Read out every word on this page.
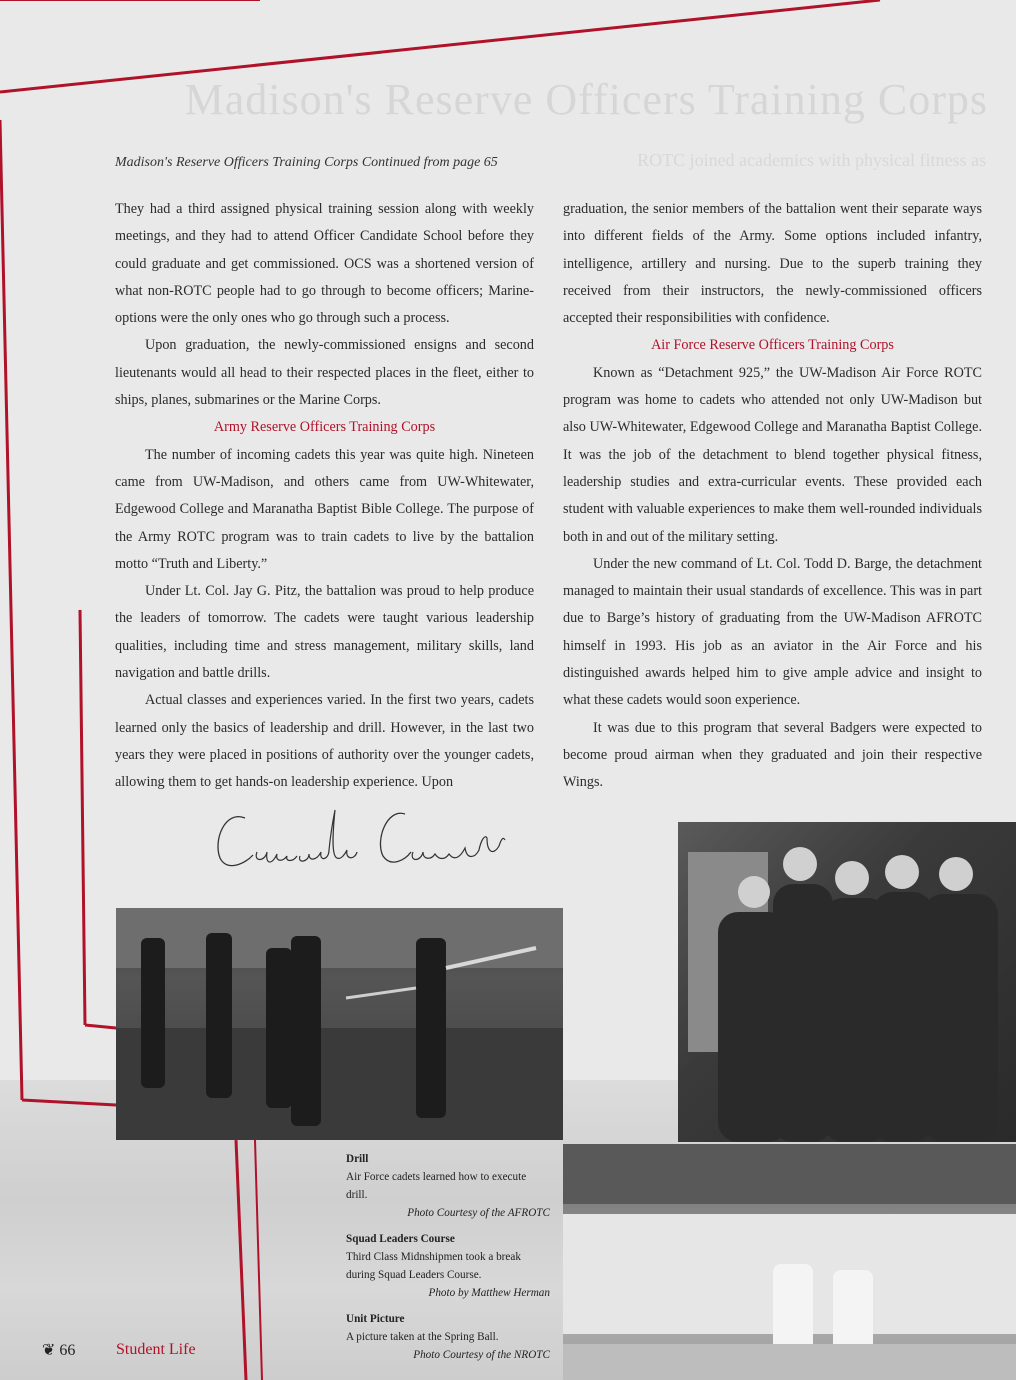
Madison's Reserve Officers Training Corps
ROTC joined academics with physical fitness as
Madison's Reserve Officers Training Corps Continued from page 65

They had a third assigned physical training session along with weekly meetings, and they had to attend Officer Candidate School before they could graduate and get commissioned. OCS was a shortened version of what non-ROTC people had to go through to become officers; Marine-options were the only ones who go through such a process.

Upon graduation, the newly-commissioned ensigns and second lieutenants would all head to their respected places in the fleet, either to ships, planes, submarines or the Marine Corps.

Army Reserve Officers Training Corps

The number of incoming cadets this year was quite high. Nineteen came from UW-Madison, and others came from UW-Whitewater, Edgewood College and Maranatha Baptist Bible College. The purpose of the Army ROTC program was to train cadets to live by the battalion motto “Truth and Liberty.”

Under Lt. Col. Jay G. Pitz, the battalion was proud to help produce the leaders of tomorrow. The cadets were taught various leadership qualities, including time and stress management, military skills, land navigation and battle drills.

Actual classes and experiences varied. In the first two years, cadets learned only the basics of leadership and drill. However, in the last two years they were placed in positions of authority over the younger cadets, allowing them to get hands-on leadership experience. Upon

graduation, the senior members of the battalion went their separate ways into different fields of the Army. Some options included infantry, intelligence, artillery and nursing. Due to the superb training they received from their instructors, the newly-commissioned officers accepted their responsibilities with confidence.

Air Force Reserve Officers Training Corps

Known as “Detachment 925,” the UW-Madison Air Force ROTC program was home to cadets who attended not only UW-Madison but also UW-Whitewater, Edgewood College and Maranatha Baptist College. It was the job of the detachment to blend together physical fitness, leadership studies and extra-curricular events. These provided each student with valuable experiences to make them well-rounded individuals both in and out of the military setting.

Under the new command of Lt. Col. Todd D. Barge, the detachment managed to maintain their usual standards of excellence. This was in part due to Barge’s history of graduating from the UW-Madison AFROTC himself in 1993. His job as an aviator in the Air Force and his distinguished awards helped him to give ample advice and insight to what these cadets would soon experience.

It was due to this program that several Badgers were expected to become proud airman when they graduated and join their respective Wings.

Drill
Air Force cadets learned how to execute drill.
Photo Courtesy of the AFROTC
Squad Leaders Course
Third Class Midnshipmen took a break during Squad Leaders Course.
Photo by Matthew Herman
Unit Picture
A picture taken at the Spring Ball.
Photo Courtesy of the NROTC
❦ 66	Student Life
